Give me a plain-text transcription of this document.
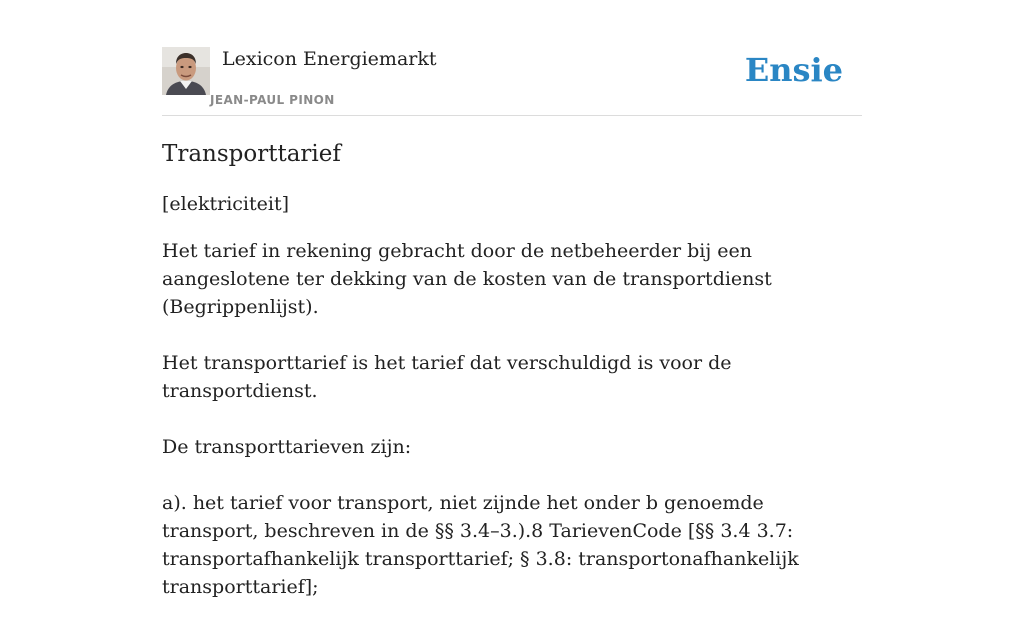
Lexicon Energiemarkt
JEAN-PAUL PINON
Ensie
Transporttarief

[elektriciteit]

Het tarief in rekening gebracht door de netbeheerder bij een aangeslotene ter dekking van de kosten van de transportdienst (Begrippenlijst).

Het transporttarief is het tarief dat verschuldigd is voor de transportdienst.

De transporttarieven zijn:

a). het tarief voor transport, niet zijnde het onder b genoemde transport, beschreven in de §§ 3.4–3.).8 TarievenCode [§§ 3.4 3.7: transportafhankelijk transporttarief; § 3.8: transportonafhankelijk transporttarief];
